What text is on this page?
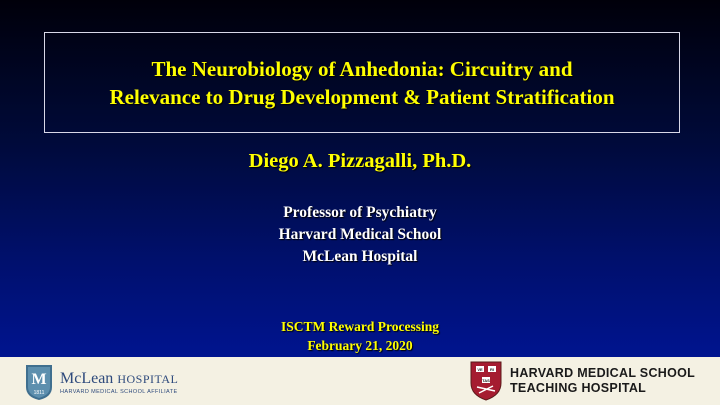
The Neurobiology of Anhedonia: Circuitry and
Relevance to Drug Development & Patient Stratification
Diego A. Pizzagalli, Ph.D.
Professor of Psychiatry
Harvard Medical School
McLean Hospital
ISCTM Reward Processing
February 21, 2020
M
1811
McLean HOSPITAL
HARVARD MEDICAL SCHOOL AFFILIATE
VE RI
TAS
HARVARD MEDICAL SCHOOL
TEACHING HOSPITAL
